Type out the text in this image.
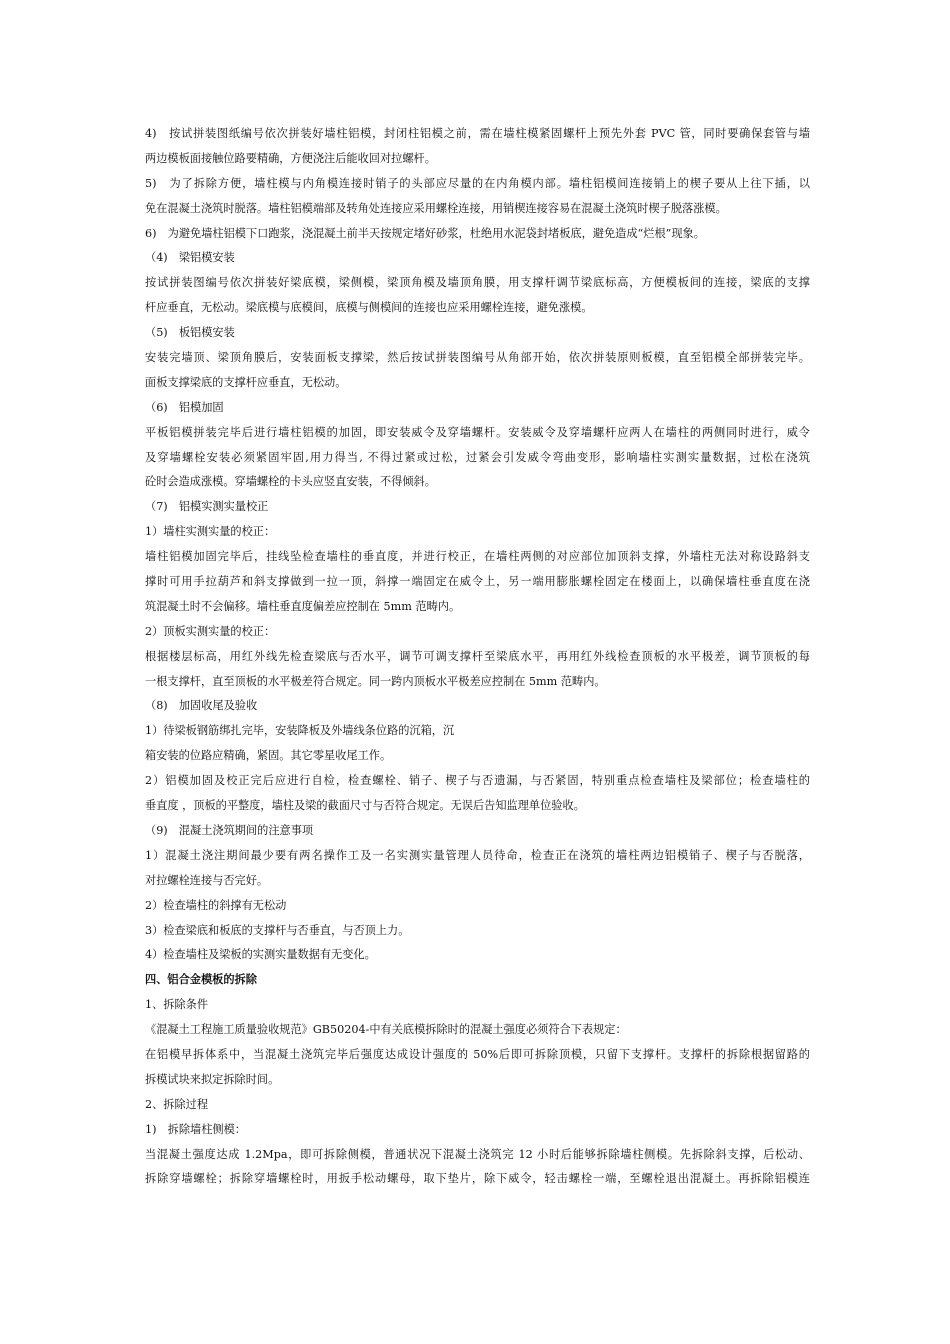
4)　按试拼装图纸编号依次拼装好墙柱铝模，封闭柱铝模之前，需在墙柱模紧固螺杆上预先外套 PVC 管，同时要确保套管与墙
两边模板面接触位路要精确，方便浇注后能收回对拉螺杆。
5)　为了拆除方便，墙柱模与内角模连接时销子的头部应尽量的在内角模内部。墙柱铝模间连接销上的楔子要从上往下插，以
免在混凝土浇筑时脱落。墙柱铝模端部及转角处连接应采用螺栓连接，用销楔连接容易在混凝土浇筑时楔子脱落涨模。
6)　为避免墙柱铝模下口跑浆，浇混凝土前半天按规定堵好砂浆，杜绝用水泥袋封堵板底，避免造成“烂根”现象。
（4)　梁铝模安装
按试拼装图编号依次拼装好梁底模，梁侧模，梁顶角模及墙顶角膜，用支撑杆调节梁底标高，方便模板间的连接，梁底的支撑
杆应垂直，无松动。梁底模与底模间，底模与侧模间的连接也应采用螺栓连接，避免涨模。
（5)　板铝模安装
安装完墙顶、梁顶角膜后，安装面板支撑梁，然后按试拼装图编号从角部开始，依次拼装原则板模，直至铝模全部拼装完毕。
面板支撑梁底的支撑杆应垂直，无松动。
（6)　铝模加固
平板铝模拼装完毕后进行墙柱铝模的加固，即安装威令及穿墙螺杆。安装威令及穿墙螺杆应两人在墙柱的两侧同时进行，威令
及穿墙螺栓安装必须紧固牢固,用力得当, 不得过紧或过松，过紧会引发威令弯曲变形，影响墙柱实测实量数据，过松在浇筑
砼时会造成涨模。穿墙螺栓的卡头应竖直安装，不得倾斜。
（7)　铝模实测实量校正
1）墙柱实测实量的校正：
墙柱铝模加固完毕后，挂线坠检查墙柱的垂直度，并进行校正，在墙柱两侧的对应部位加顶斜支撑，外墙柱无法对称设路斜支
撑时可用手拉葫芦和斜支撑做到一拉一顶，斜撑一端固定在威令上，另一端用膨胀螺栓固定在楼面上，以确保墙柱垂直度在浇
筑混凝土时不会偏移。墙柱垂直度偏差应控制在 5mm 范畴内。
2）顶板实测实量的校正：
根据楼层标高，用红外线先检查梁底与否水平，调节可调支撑杆至梁底水平，再用红外线检查顶板的水平极差，调节顶板的每
一根支撑杆，直至顶板的水平极差符合规定。同一跨内顶板水平极差应控制在 5mm 范畴内。
（8)　加固收尾及验收
1）待梁板钢筋绑扎完毕，安装降板及外墙线条位路的沉箱，沉
箱安装的位路应精确，紧固。其它零星收尾工作。
2）铝模加固及校正完后应进行自检，检查螺栓、销子、楔子与否遗漏，与否紧固，特别重点检查墙柱及梁部位；检查墙柱的
垂直度 ，顶板的平整度，墙柱及梁的截面尺寸与否符合规定。无误后告知监理单位验收。
（9)　混凝土浇筑期间的注意事项
1）混凝土浇注期间最少要有两名操作工及一名实测实量管理人员待命，检查正在浇筑的墙柱两边铝模销子、楔子与否脱落，
对拉螺栓连接与否完好。
2）检查墙柱的斜撑有无松动
3）检查梁底和板底的支撑杆与否垂直，与否顶上力。
4）检查墙柱及梁板的实测实量数据有无变化。
四、铝合金模板的拆除
1、拆除条件
《混凝土工程施工质量验收规范》GB50204-中有关底模拆除时的混凝土强度必须符合下表规定：
在铝模早拆体系中，当混凝土浇筑完毕后强度达成设计强度的 50%后即可拆除顶模，只留下支撑杆。支撑杆的拆除根据留路的
拆模试块来拟定拆除时间。
2、拆除过程
1)　拆除墙柱侧模：
当混凝土强度达成 1.2Mpa，即可拆除侧模，普通状况下混凝土浇筑完 12 小时后能够拆除墙柱侧模。先拆除斜支撑，后松动、
拆除穿墙螺栓；拆除穿墙螺栓时，用扳手松动螺母，取下垫片，除下威令，轻击螺栓一端，至螺栓退出混凝土。再拆除铝模连
